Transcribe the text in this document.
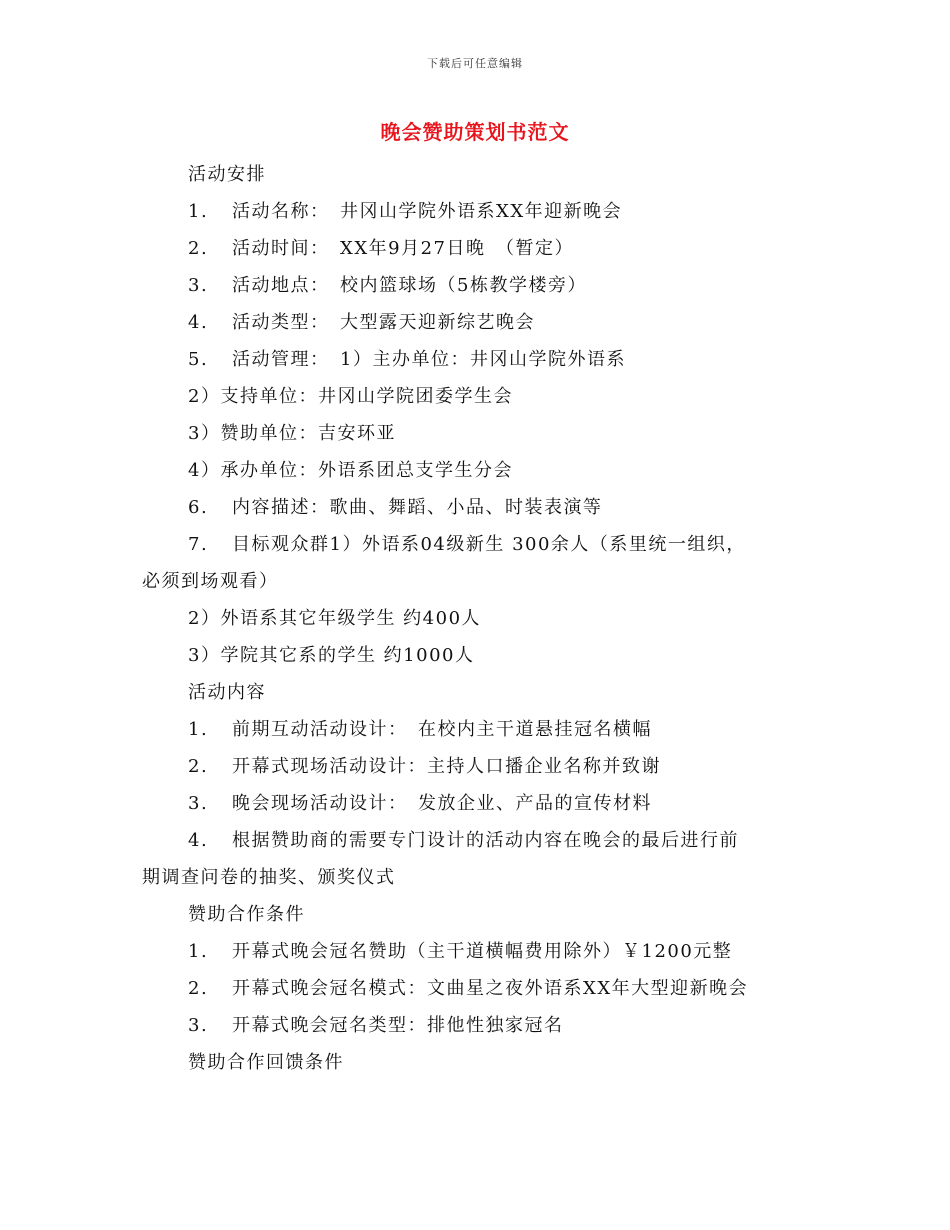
下载后可任意编辑
晚会赞助策划书范文
活动安排
1. 活动名称：　井冈山学院外语系XX年迎新晚会
2. 活动时间：　XX年9月27日晚　（暂定）
3. 活动地点：　校内篮球场（5栋教学楼旁）
4. 活动类型：　大型露天迎新综艺晚会
5. 活动管理：　1）主办单位：井冈山学院外语系
2）支持单位：井冈山学院团委学生会
3）赞助单位：吉安环亚
4）承办单位：外语系团总支学生分会
6. 内容描述：歌曲、舞蹈、小品、时装表演等
7. 目标观众群1）外语系04级新生 300余人（系里统一组织，
必须到场观看）
2）外语系其它年级学生 约400人
3）学院其它系的学生 约1000人
活动内容
1. 前期互动活动设计：　在校内主干道悬挂冠名横幅
2. 开幕式现场活动设计：主持人口播企业名称并致谢
3. 晚会现场活动设计：　发放企业、产品的宣传材料
4. 根据赞助商的需要专门设计的活动内容在晚会的最后进行前
期调查问卷的抽奖、颁奖仪式
赞助合作条件
1. 开幕式晚会冠名赞助（主干道横幅费用除外）￥1200元整
2. 开幕式晚会冠名模式：文曲星之夜外语系XX年大型迎新晚会
3. 开幕式晚会冠名类型：排他性独家冠名
赞助合作回馈条件
